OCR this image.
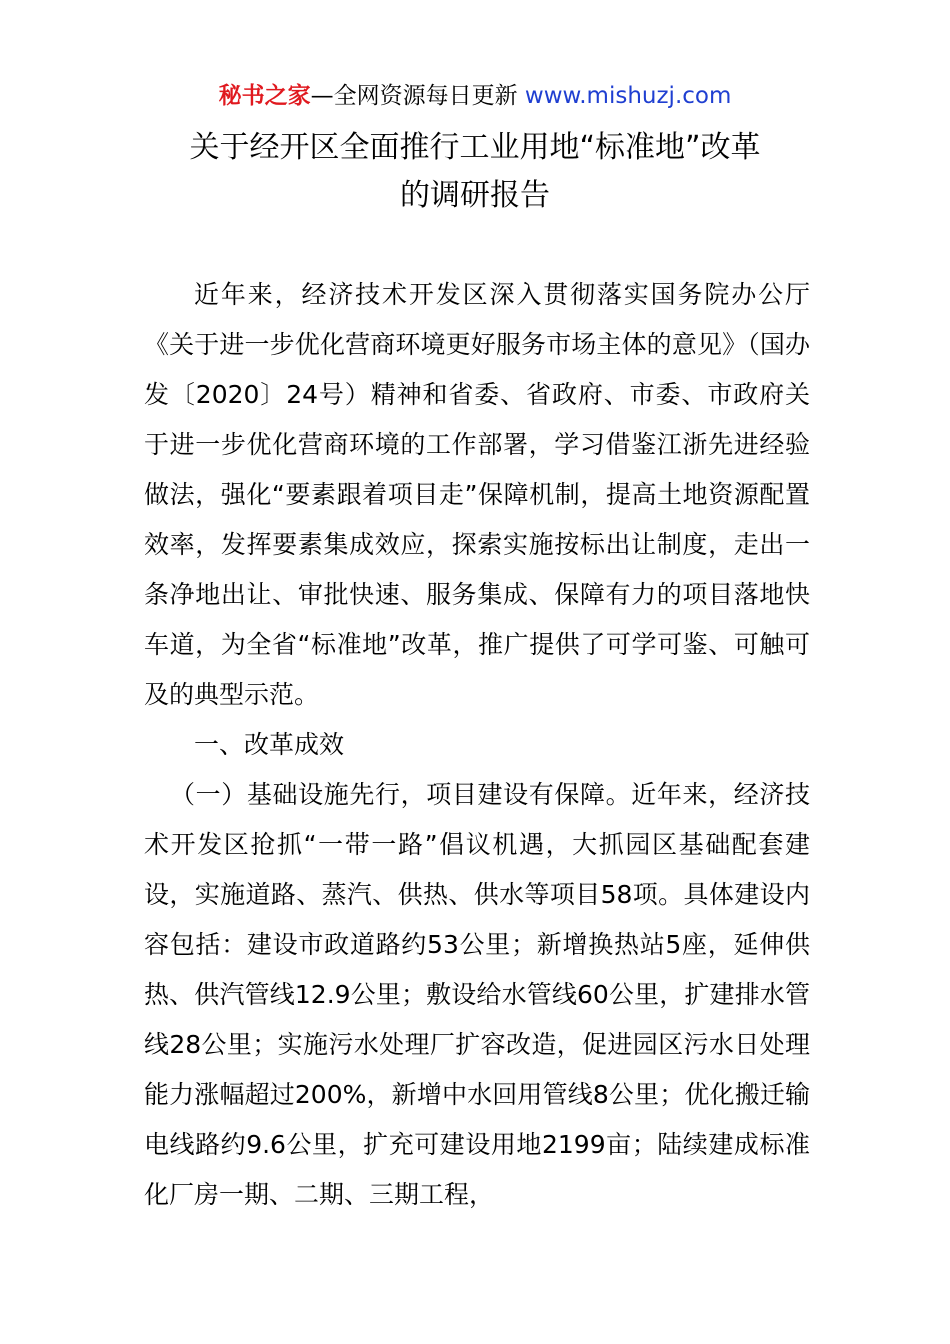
秘书之家—全网资源每日更新 www.mishuzj.com
关于经开区全面推行工业用地“标准地”改革
的调研报告

近年来，经济技术开发区深入贯彻落实国务院办公厅《关于进一步优化营商环境更好服务市场主体的意见》（国办发〔2020〕24号）精神和省委、省政府、市委、市政府关于进一步优化营商环境的工作部署，学习借鉴江浙先进经验做法，强化“要素跟着项目走”保障机制，提高土地资源配置效率，发挥要素集成效应，探索实施按标出让制度，走出一条净地出让、审批快速、服务集成、保障有力的项目落地快车道，为全省“标准地”改革，推广提供了可学可鉴、可触可及的典型示范。

一、改革成效

（一）基础设施先行，项目建设有保障。近年来，经济技术开发区抢抓“一带一路”倡议机遇，大抓园区基础配套建设，实施道路、蒸汽、供热、供水等项目58项。具体建设内容包括：建设市政道路约53公里；新增换热站5座，延伸供热、供汽管线12.9公里；敷设给水管线60公里，扩建排水管线28公里；实施污水处理厂扩容改造，促进园区污水日处理能力涨幅超过200%，新增中水回用管线8公里；优化搬迁输电线路约9.6公里，扩充可建设用地2199亩；陆续建成标准化厂房一期、二期、三期工程，
